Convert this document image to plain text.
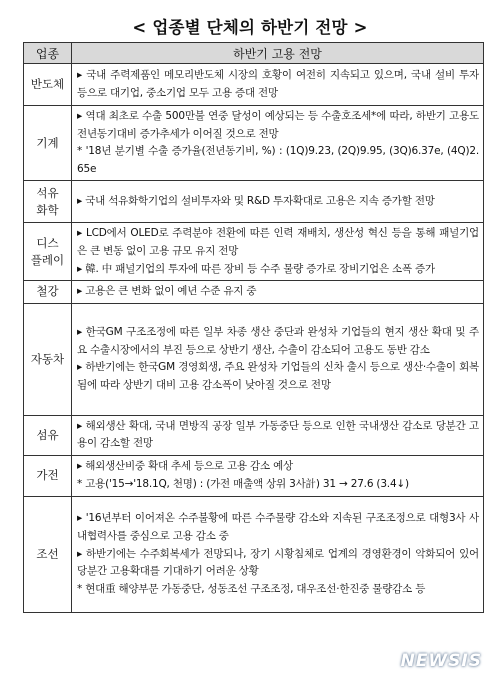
< 업종별 단체의 하반기 전망 >
업종	하반기 고용 전망

반도체	▸ 국내 주력제품인 메모리반도체 시장의 호황이 여전히 지속되고 있으며, 국내 설비 투자 등으로 대기업, 중소기업 모두 고용 증대 전망

기계	▸ 역대 최초로 수출 500만불 연중 달성이 예상되는 등 수출호조세*에 따라, 하반기 고용도 전년동기대비 증가추세가 이어질 것으로 전망
* '18년 분기별 수출 증가율(전년동기비, %) : (1Q)9.23, (2Q)9.95, (3Q)6.37e, (4Q)2.65e

석유
화학	▸ 국내 석유화학기업의 설비투자와 및 R&D 투자확대로 고용은 지속 증가할 전망

디스
플레이	▸ LCD에서 OLED로 주력분야 전환에 따른 인력 재배치, 생산성 혁신 등을 통해 패널기업은 큰 변동 없이 고용 규모 유지 전망
▸ 韓. 中 패널기업의 투자에 따른 장비 등 수주 물량 증가로 장비기업은 소폭 증가

철강	▸ 고용은 큰 변화 없이 예년 수준 유지 중

자동차	▸ 한국GM 구조조정에 따른 일부 차종 생산 중단과 완성차 기업들의 현지 생산 확대 및 주요 수출시장에서의 부진 등으로 상반기 생산, 수출이 감소되어 고용도 동반 감소
▸ 하반기에는 한국GM 경영회생, 주요 완성차 기업들의 신차 출시 등으로 생산·수출이 회복됨에 따라 상반기 대비 고용 감소폭이 낮아질 것으로 전망

섬유	▸ 해외생산 확대, 국내 면방직 공장 일부 가동중단 등으로 인한 국내생산 감소로 당분간 고용이 감소할 전망

가전	▸ 해외생산비중 확대 추세 등으로 고용 감소 예상
* 고용('15→'18.1Q, 천명) : (가전 매출액 상위 3사計) 31 → 27.6 (3.4↓)

조선	▸ '16년부터 이어져온 수주불황에 따른 수주물량 감소와 지속된 구조조정으로 대형3사 사내협력사를 중심으로 고용 감소 중
▸ 하반기에는 수주회복세가 전망되나, 장기 시황침체로 업계의 경영환경이 악화되어 있어 당분간 고용확대를 기대하기 어려운 상황
* 현대重 해양부문 가동중단, 성동조선 구조조정, 대우조선·한진중 물량감소 등
NEWSIS
